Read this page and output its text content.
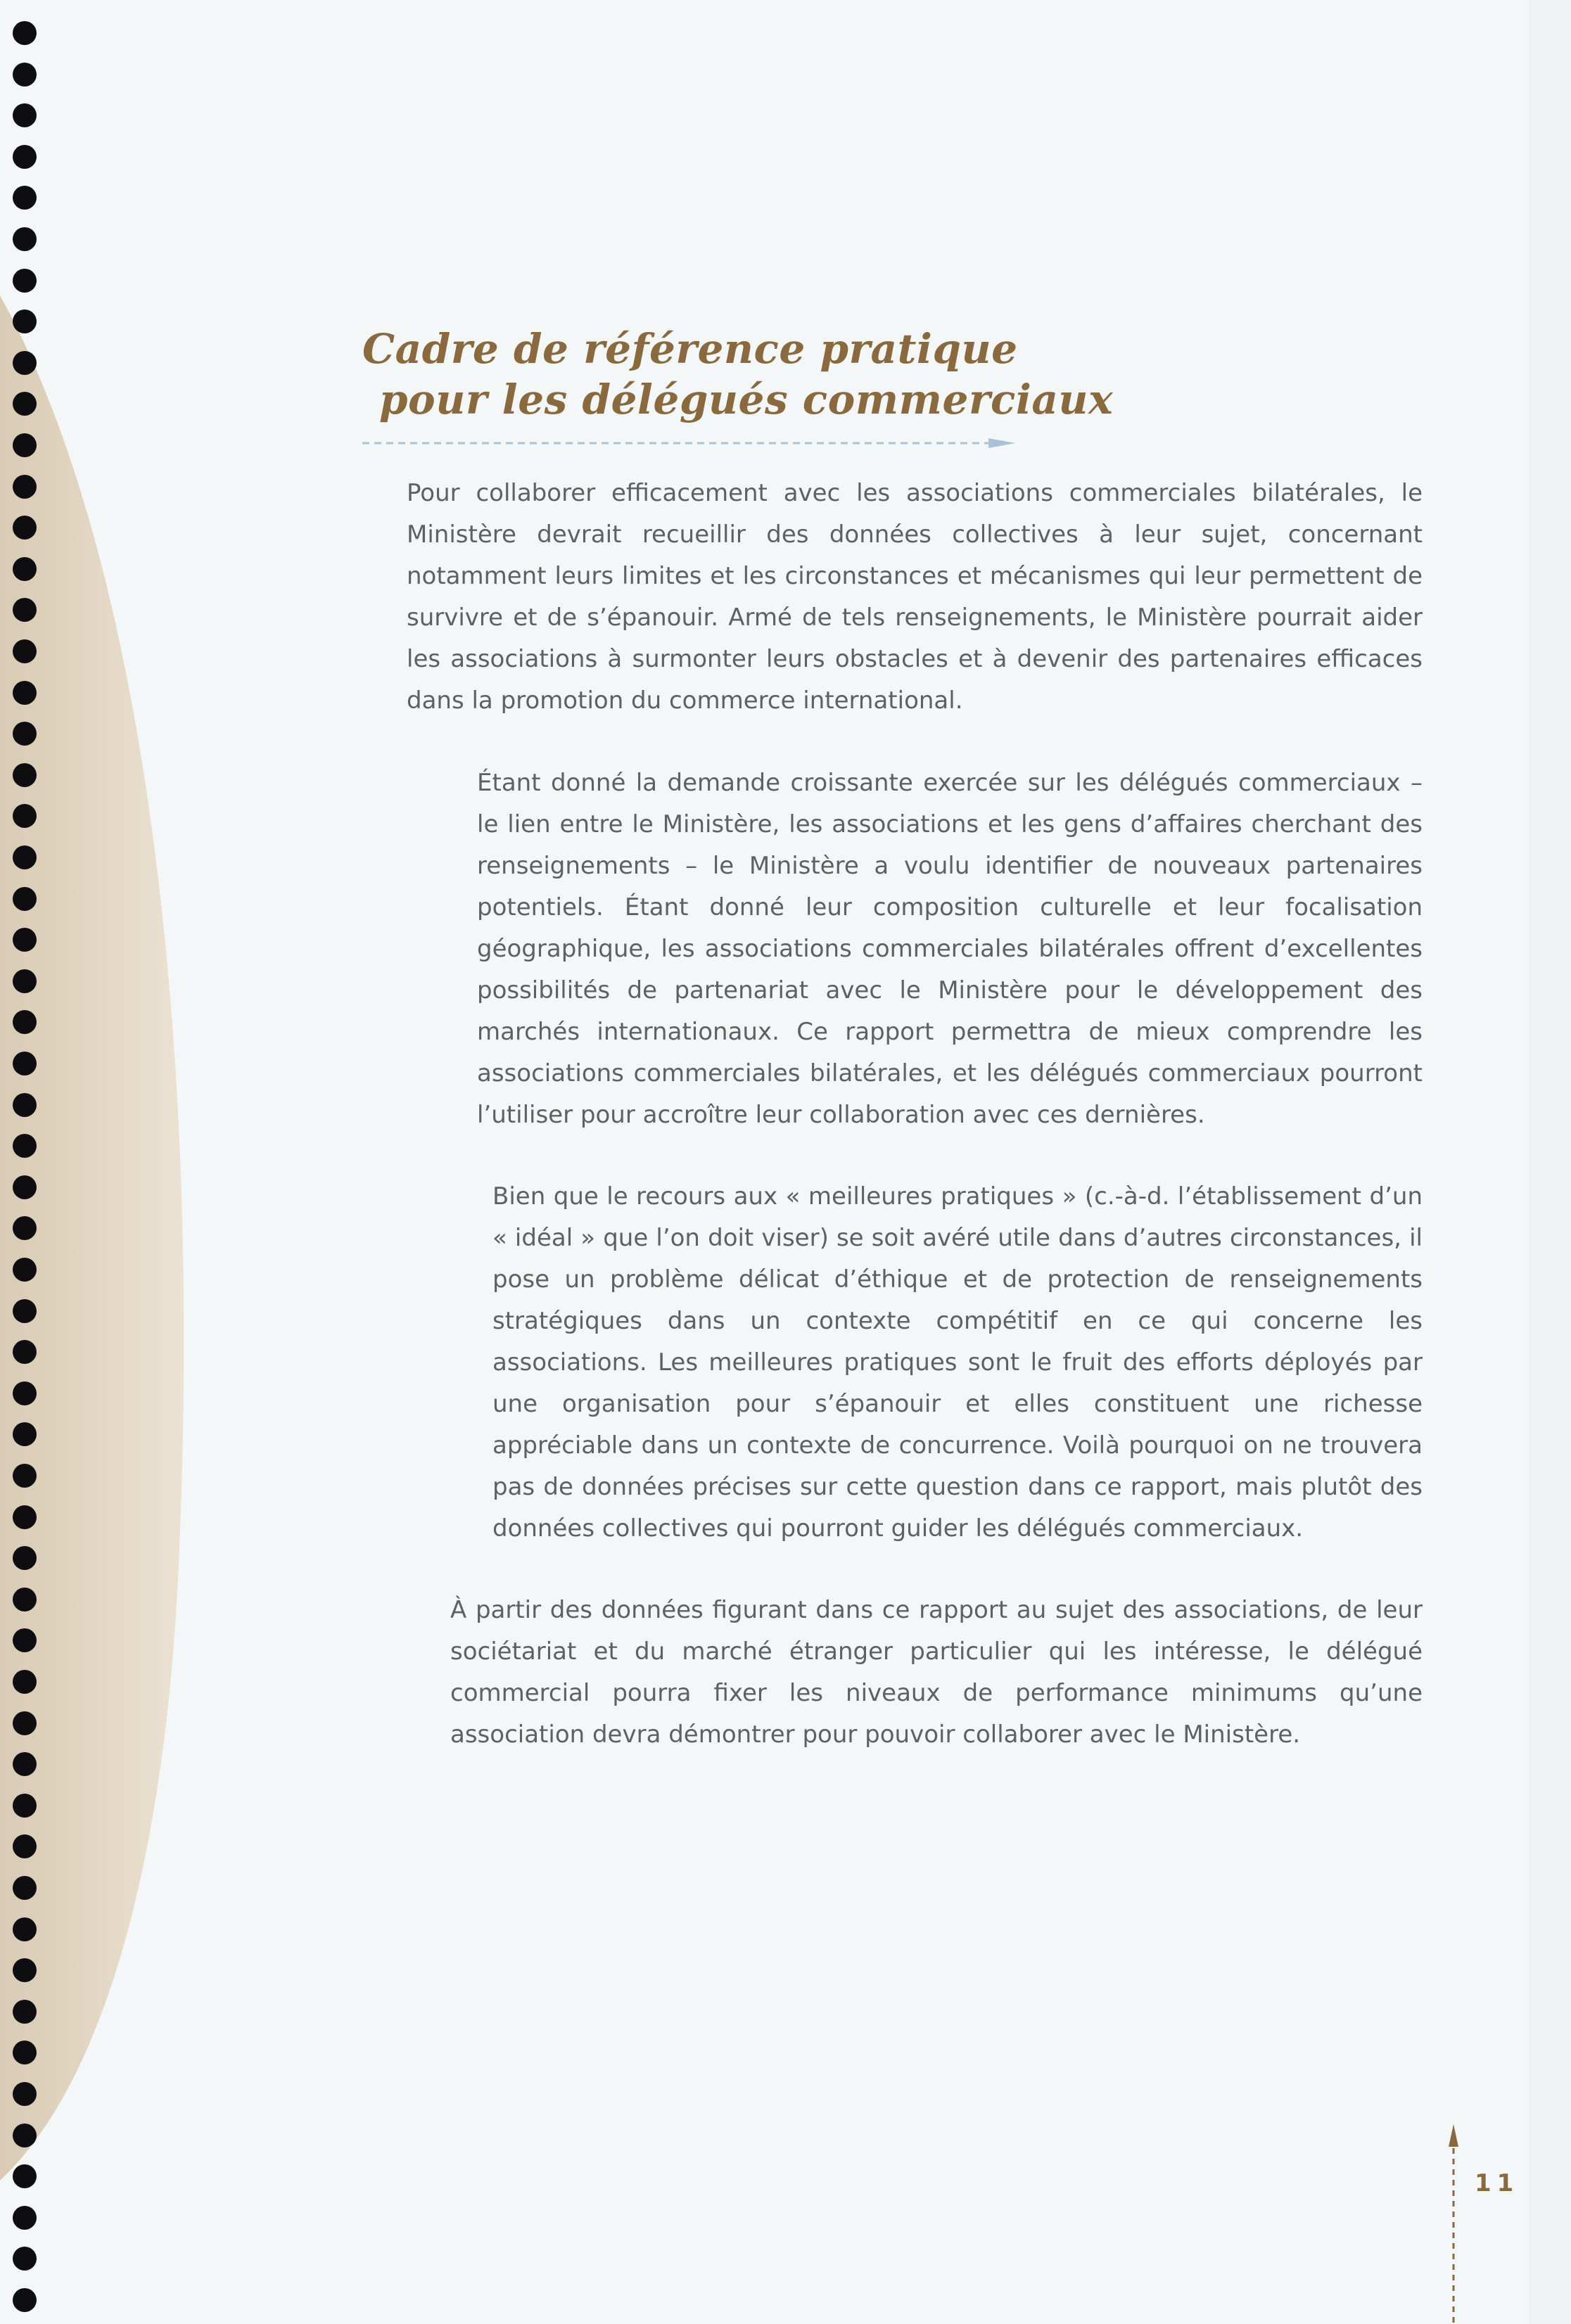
Cadre de référence pratique
pour les délégués commerciaux
Pour collaborer efficacement avec les associations commerciales bilatérales, le Ministère devrait recueillir des données collectives à leur sujet, concernant notamment leurs limites et les circonstances et mécanismes qui leur permettent de survivre et de s’épanouir. Armé de tels renseignements, le Ministère pourrait aider les associations à surmonter leurs obstacles et à devenir des partenaires efficaces dans la promotion du commerce international.
Étant donné la demande croissante exercée sur les délégués commerciaux – le lien entre le Ministère, les associations et les gens d’affaires cherchant des renseignements – le Ministère a voulu identifier de nouveaux partenaires potentiels. Étant donné leur composition culturelle et leur focalisation géographique, les associations commerciales bilatérales offrent d’excellentes possibilités de partenariat avec le Ministère pour le développement des marchés internationaux. Ce rapport permettra de mieux comprendre les associations commerciales bilatérales, et les délégués commerciaux pourront l’utiliser pour accroître leur collaboration avec ces dernières.
Bien que le recours aux « meilleures pratiques » (c.-à-d. l’établissement d’un « idéal » que l’on doit viser) se soit avéré utile dans d’autres circonstances, il pose un problème délicat d’éthique et de protection de renseignements stratégiques dans un contexte compétitif en ce qui concerne les associations. Les meilleures pratiques sont le fruit des efforts déployés par une organisation pour s’épanouir et elles constituent une richesse appréciable dans un contexte de concurrence. Voilà pourquoi on ne trouvera pas de données précises sur cette question dans ce rapport, mais plutôt des données collectives qui pourront guider les délégués commerciaux.
À partir des données figurant dans ce rapport au sujet des associations, de leur sociétariat et du marché étranger particulier qui les intéresse, le délégué commercial pourra fixer les niveaux de performance minimums qu’une association devra démontrer pour pouvoir collaborer avec le Ministère.
11
